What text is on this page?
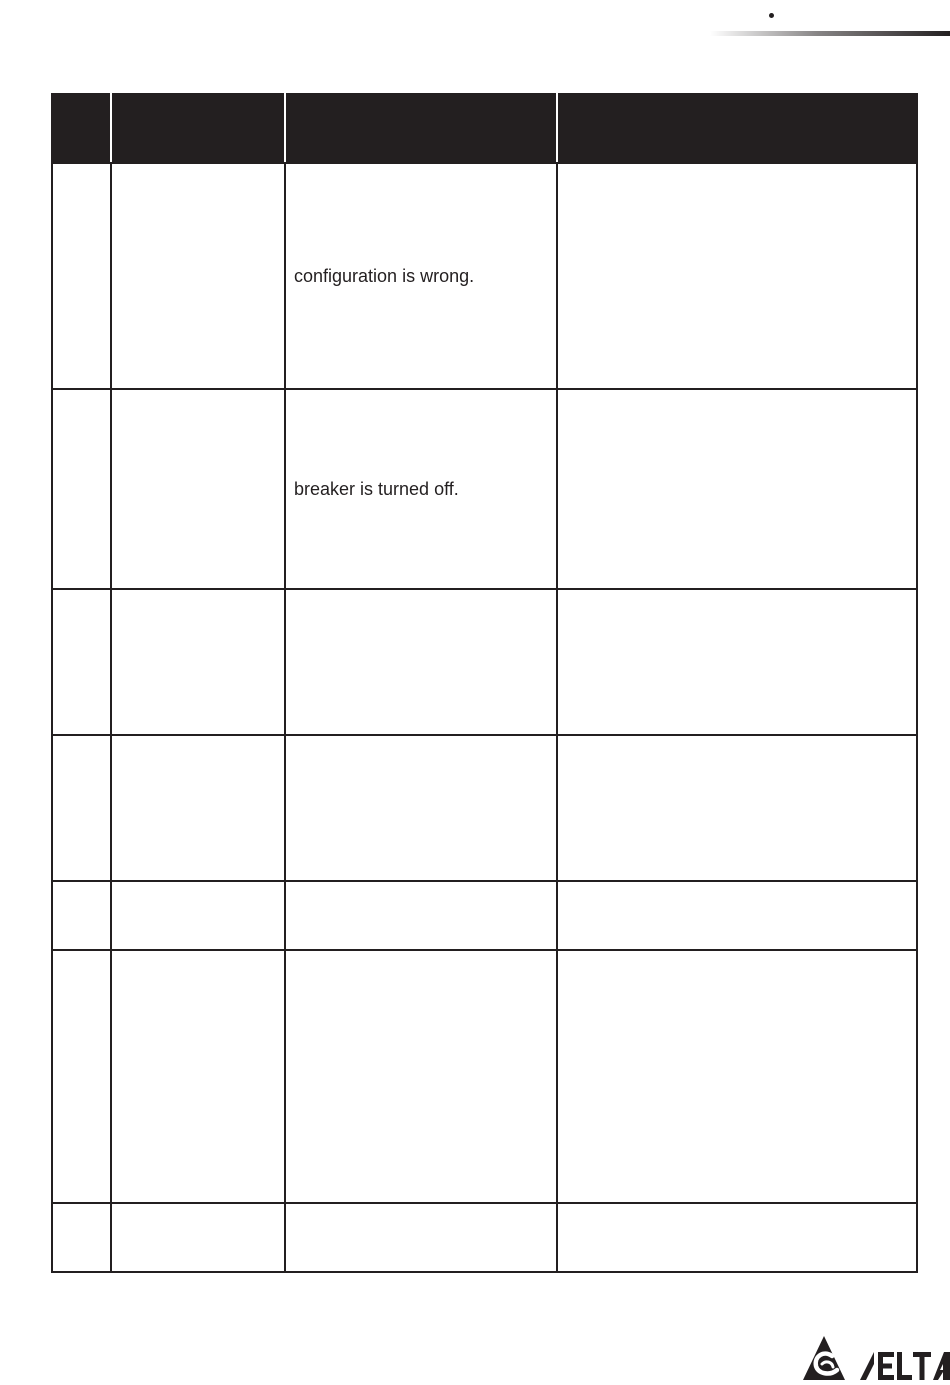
		configuration is wrong.	

		breaker is turned off.	
